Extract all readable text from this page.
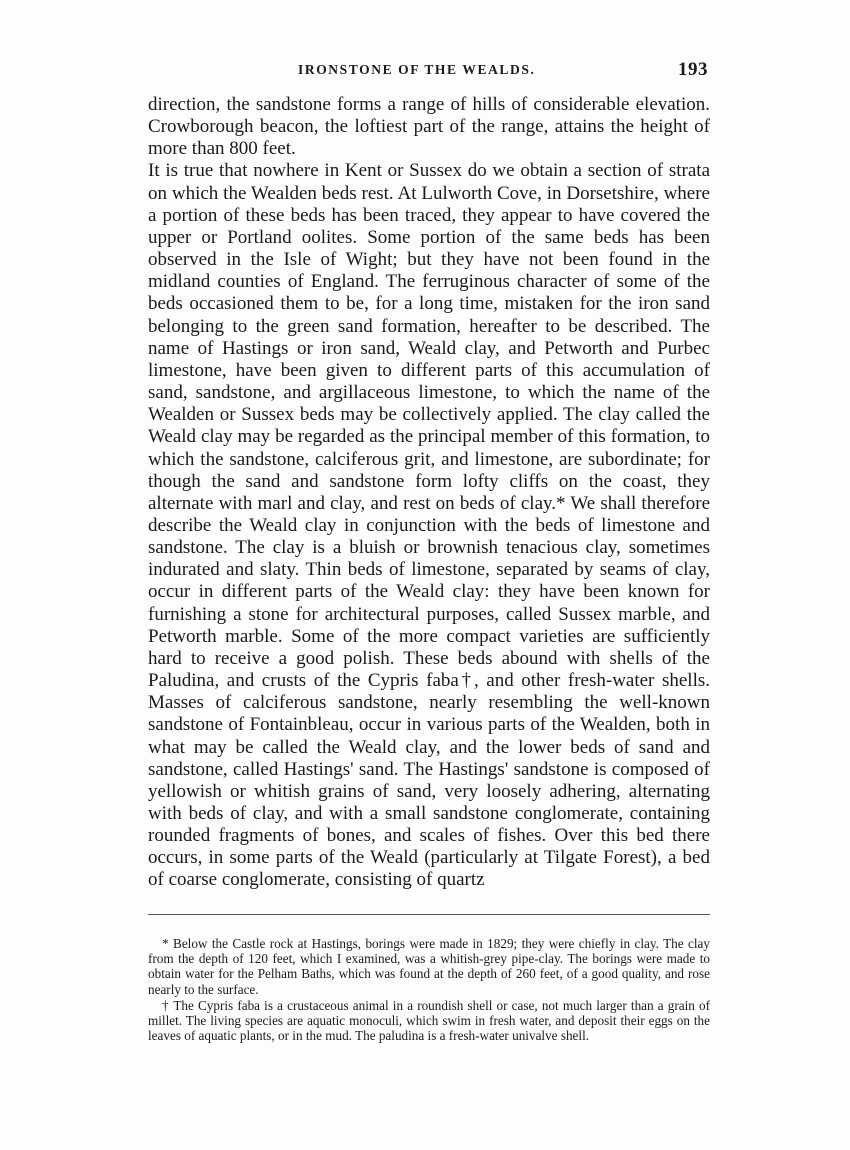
IRONSTONE OF THE WEALDS.	193

direction, the sandstone forms a range of hills of considerable elevation. Crowborough beacon, the loftiest part of the range, attains the height of more than 800 feet.

It is true that nowhere in Kent or Sussex do we obtain a section of strata on which the Wealden beds rest. At Lulworth Cove, in Dorsetshire, where a portion of these beds has been traced, they appear to have covered the upper or Portland oolites. Some portion of the same beds has been observed in the Isle of Wight; but they have not been found in the midland counties of England. The ferruginous character of some of the beds occasioned them to be, for a long time, mistaken for the iron sand belonging to the green sand formation, hereafter to be described. The name of Hastings or iron sand, Weald clay, and Petworth and Purbec limestone, have been given to different parts of this accumulation of sand, sandstone, and argillaceous limestone, to which the name of the Wealden or Sussex beds may be collectively applied. The clay called the Weald clay may be regarded as the principal member of this formation, to which the sandstone, calciferous grit, and limestone, are subordinate; for though the sand and sandstone form lofty cliffs on the coast, they alternate with marl and clay, and rest on beds of clay.* We shall therefore describe the Weald clay in conjunction with the beds of limestone and sandstone. The clay is a bluish or brownish tenacious clay, sometimes indurated and slaty. Thin beds of limestone, separated by seams of clay, occur in different parts of the Weald clay: they have been known for furnishing a stone for architectural purposes, called Sussex marble, and Petworth marble. Some of the more compact varieties are sufficiently hard to receive a good polish. These beds abound with shells of the Paludina, and crusts of the Cypris faba†, and other fresh-water shells. Masses of calciferous sandstone, nearly resembling the well-known sandstone of Fontainbleau, occur in various parts of the Wealden, both in what may be called the Weald clay, and the lower beds of sand and sandstone, called Hastings' sand. The Hastings' sandstone is composed of yellowish or whitish grains of sand, very loosely adhering, alternating with beds of clay, and with a small sandstone conglomerate, containing rounded fragments of bones, and scales of fishes. Over this bed there occurs, in some parts of the Weald (particularly at Tilgate Forest), a bed of coarse conglomerate, consisting of quartz

* Below the Castle rock at Hastings, borings were made in 1829; they were chiefly in clay. The clay from the depth of 120 feet, which I examined, was a whitish-grey pipe-clay. The borings were made to obtain water for the Pelham Baths, which was found at the depth of 260 feet, of a good quality, and rose nearly to the surface.

† The Cypris faba is a crustaceous animal in a roundish shell or case, not much larger than a grain of millet. The living species are aquatic monoculi, which swim in fresh water, and deposit their eggs on the leaves of aquatic plants, or in the mud. The paludina is a fresh-water univalve shell.
